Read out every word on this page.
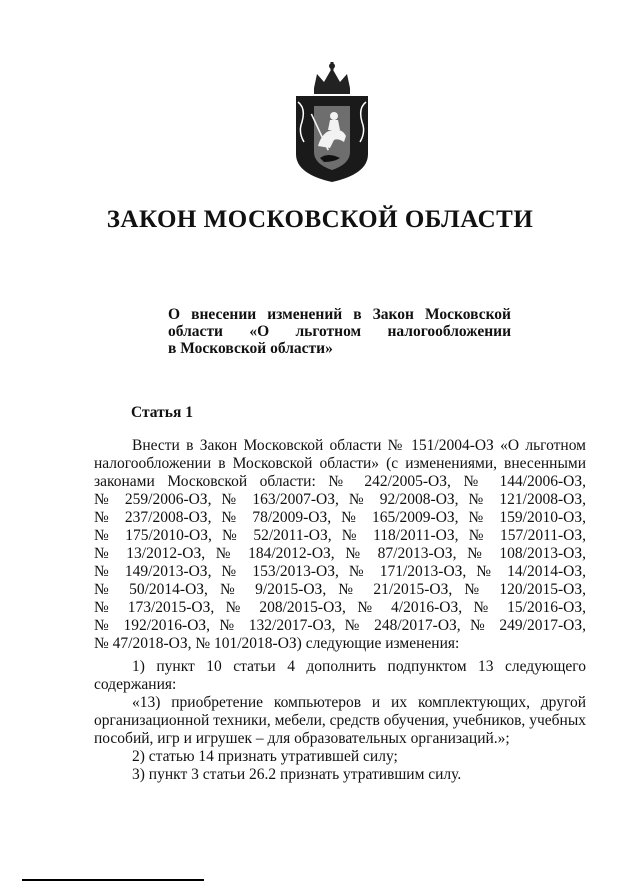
ЗАКОН МОСКОВСКОЙ ОБЛАСТИ
О внесении изменений в Закон Московской
области «О льготном налогообложении
в Московской области»
Статья 1
Внести в Закон Московской области № 151/2004-ОЗ «О льготном
налогообложении в Московской области» (с изменениями, внесенными
законами Московской области: № 242/2005-ОЗ, № 144/2006-ОЗ,
№ 259/2006-ОЗ, № 163/2007-ОЗ, № 92/2008-ОЗ, № 121/2008-ОЗ,
№ 237/2008-ОЗ, № 78/2009-ОЗ, № 165/2009-ОЗ, № 159/2010-ОЗ,
№ 175/2010-ОЗ, № 52/2011-ОЗ, № 118/2011-ОЗ, № 157/2011-ОЗ,
№ 13/2012-ОЗ, № 184/2012-ОЗ, № 87/2013-ОЗ, № 108/2013-ОЗ,
№ 149/2013-ОЗ, № 153/2013-ОЗ, № 171/2013-ОЗ, № 14/2014-ОЗ,
№ 50/2014-ОЗ, № 9/2015-ОЗ, № 21/2015-ОЗ, № 120/2015-ОЗ,
№ 173/2015-ОЗ, № 208/2015-ОЗ, № 4/2016-ОЗ, № 15/2016-ОЗ,
№ 192/2016-ОЗ, № 132/2017-ОЗ, № 248/2017-ОЗ, № 249/2017-ОЗ,
№ 47/2018-ОЗ, № 101/2018-ОЗ) следующие изменения:
1) пункт 10 статьи 4 дополнить подпунктом 13 следующего
содержания:
«13) приобретение компьютеров и их комплектующих, другой
организационной техники, мебели, средств обучения, учебников, учебных
пособий, игр и игрушек – для образовательных организаций.»;
2) статью 14 признать утратившей силу;
3) пункт 3 статьи 26.2 признать утратившим силу.
